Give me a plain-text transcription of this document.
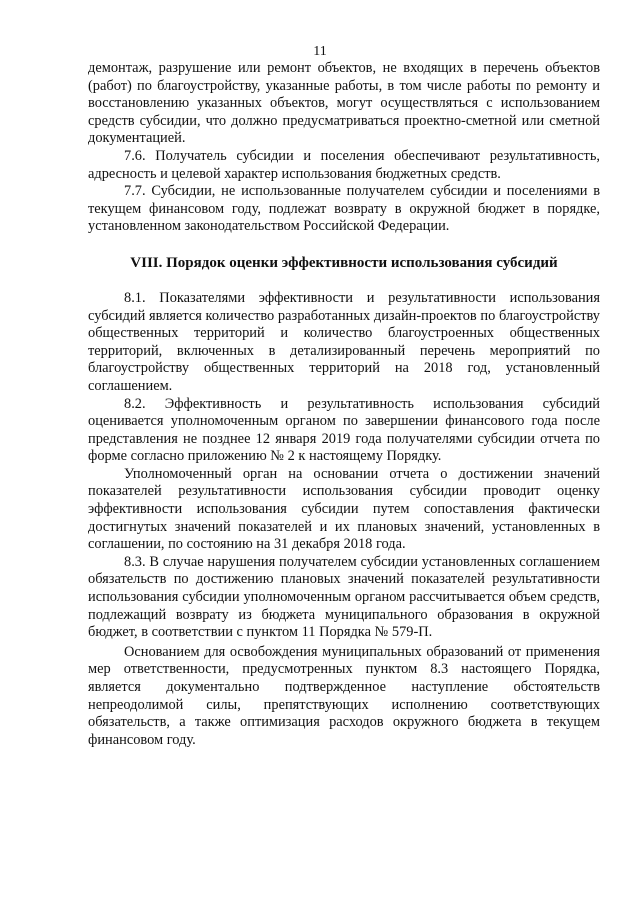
11

демонтаж, разрушение или ремонт объектов, не входящих в перечень объектов (работ) по благоустройству, указанные работы, в том числе работы по ремонту и восстановлению указанных объектов, могут осуществляться с использованием средств субсидии, что должно предусматриваться проектно-сметной или сметной документацией.

7.6. Получатель субсидии и поселения обеспечивают результативность, адресность и целевой характер использования бюджетных средств.

7.7. Субсидии, не использованные получателем субсидии и поселениями в текущем финансовом году, подлежат возврату в окружной бюджет в порядке, установленном законодательством Российской Федерации.

VIII. Порядок оценки эффективности использования субсидий

8.1. Показателями эффективности и результативности использования субсидий является количество разработанных дизайн-проектов по благоустройству общественных территорий и количество благоустроенных общественных территорий, включенных в детализированный перечень мероприятий по благоустройству общественных территорий на 2018 год, установленный соглашением.

8.2. Эффективность и результативность использования субсидий оценивается уполномоченным органом по завершении финансового года после представления не позднее 12 января 2019 года получателями субсидии отчета по форме согласно приложению № 2 к настоящему Порядку.

Уполномоченный орган на основании отчета о достижении значений показателей результативности использования субсидии проводит оценку эффективности использования субсидии путем сопоставления фактически достигнутых значений показателей и их плановых значений, установленных в соглашении, по состоянию на 31 декабря 2018 года.

8.3. В случае нарушения получателем субсидии установленных соглашением обязательств по достижению плановых значений показателей результативности использования субсидии уполномоченным органом рассчитывается объем средств, подлежащий возврату из бюджета муниципального образования в окружной бюджет, в соответствии с пунктом 11 Порядка № 579-П.

Основанием для освобождения муниципальных образований от применения мер ответственности, предусмотренных пунктом 8.3 настоящего Порядка, является документально подтвержденное наступление обстоятельств непреодолимой силы, препятствующих исполнению соответствующих обязательств, а также оптимизация расходов окружного бюджета в текущем финансовом году.
